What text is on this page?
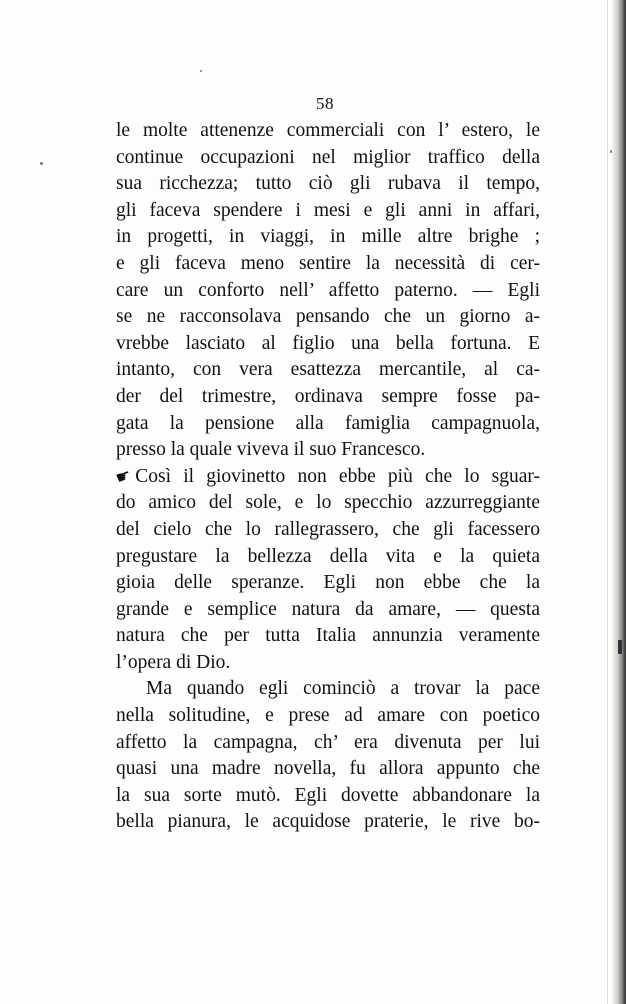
58
le molte attenenze commerciali con l’ estero, le
continue occupazioni nel miglior traffico della
sua ricchezza; tutto ciò gli rubava il tempo,
gli faceva spendere i mesi e gli anni in affari,
in progetti, in viaggi, in mille altre brighe ;
e gli faceva meno sentire la necessità di cer-
care un conforto nell’ affetto paterno. — Egli
se ne racconsolava pensando che un giorno a-
vrebbe lasciato al figlio una bella fortuna. E
intanto, con vera esattezza mercantile, al ca-
der del trimestre, ordinava sempre fosse pa-
gata la pensione alla famiglia campagnuola,
presso la quale viveva il suo Francesco.
☛Così il giovinetto non ebbe più che lo sguar-
do amico del sole, e lo specchio azzurreggiante
del cielo che lo rallegrassero, che gli facessero
pregustare la bellezza della vita e la quieta
gioia delle speranze. Egli non ebbe che la
grande e semplice natura da amare, — questa
natura che per tutta Italia annunzia veramente
l’opera di Dio.
Ma quando egli cominciò a trovar la pace
nella solitudine, e prese ad amare con poetico
affetto la campagna, ch’ era divenuta per lui
quasi una madre novella, fu allora appunto che
la sua sorte mutò. Egli dovette abbandonare la
bella pianura, le acquidose praterie, le rive bo-
